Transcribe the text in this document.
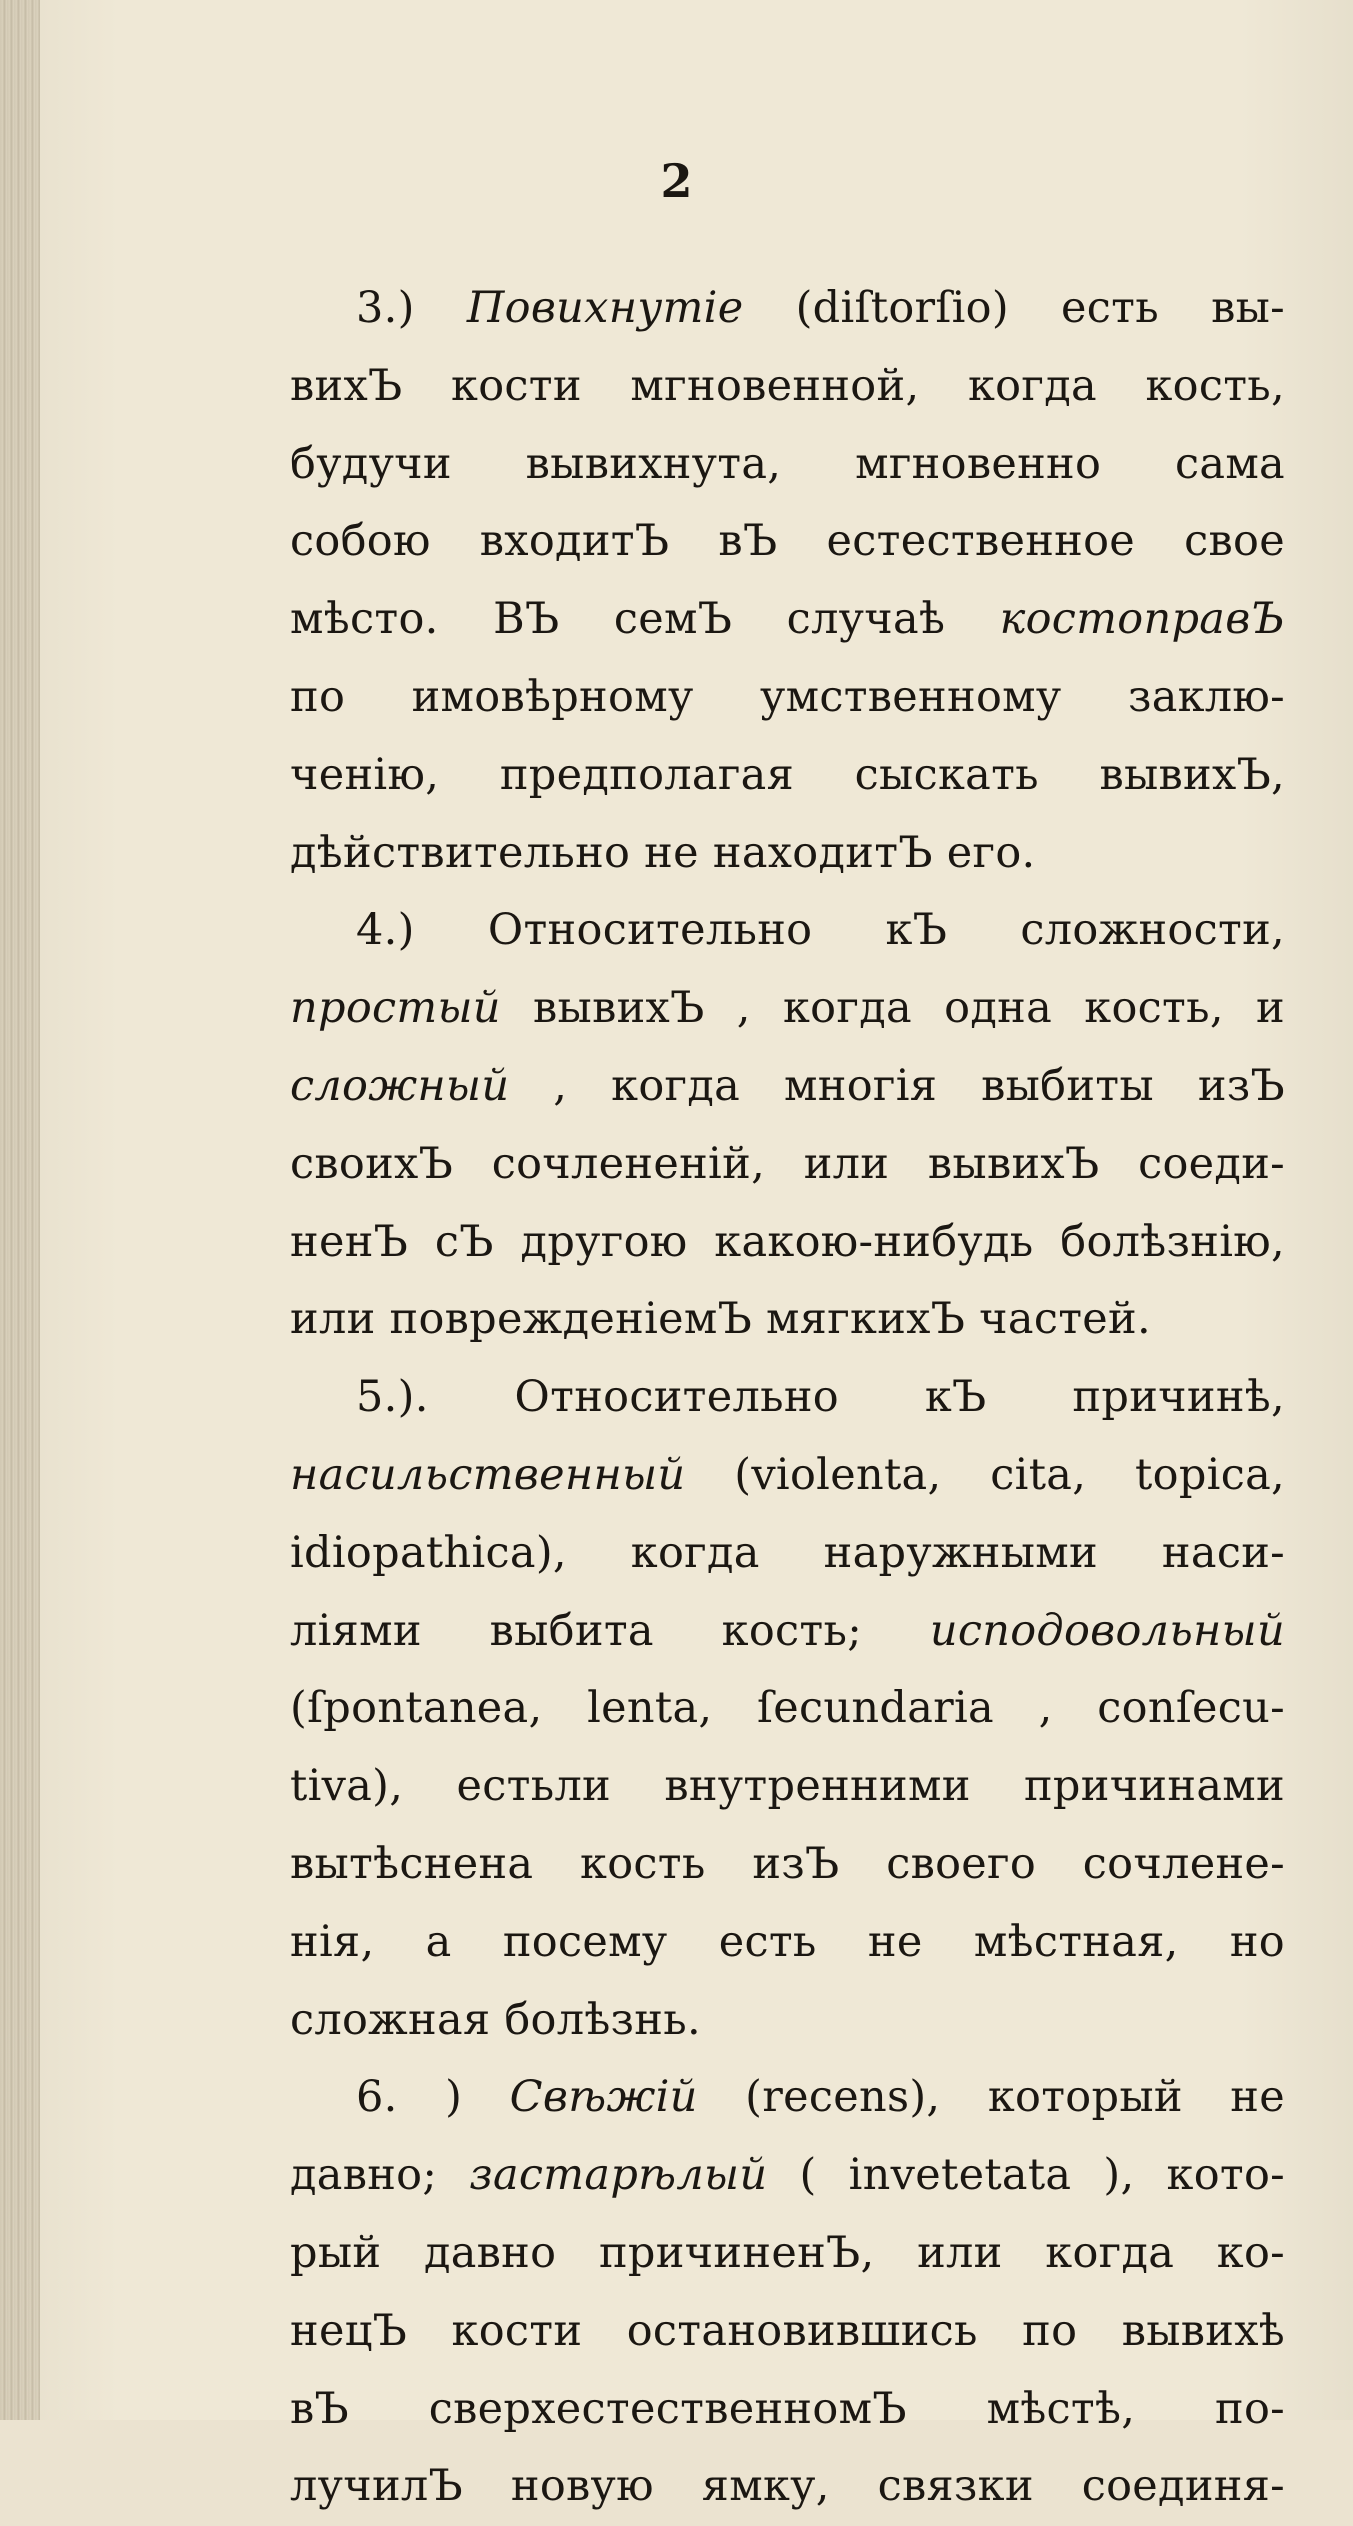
2
3.) Повихнутіе (diſtorſio) есть вы-
вихЪ кости мгновенной, когда кость,
будучи вывихнута, мгновенно сама
собою входитЪ вЪ естественное свое
мѣсто. ВЪ семЪ случаѣ костоправЪ
по имовѣрному умственному заклю-
ченію, предполагая сыскать вывихЪ,
дѣйствительно не находитЪ его.
4.) Относительно кЪ сложности,
простый вывихЪ , когда одна кость, и
сложный , когда многія выбиты изЪ
своихЪ сочлененій, или вывихЪ соеди-
ненЪ сЪ другою какою-нибудь болѣзнію,
или поврежденіемЪ мягкихЪ частей.
5.). Относительно кЪ причинѣ,
насильственный (violenta, cita, topica,
idiopathica), когда наружными наси-
ліями выбита кость; исподовольный
(ſpontanea, lenta, ſecundaria , conſecu-
tiva), естьли внутренними причинами
вытѣснена кость изЪ своего сочлене-
нія, а посему есть не мѣстная, но
сложная болѣзнь.
6. ) Свѣжій (recens), который не
давно; застарѣлый ( invetetata ), кото-
рый давно причиненЪ, или когда ко-
нецЪ кости остановившись по вывихѣ
вЪ сверхестественномЪ мѣстѣ, по-
лучилЪ новую ямку, связки соединя-
